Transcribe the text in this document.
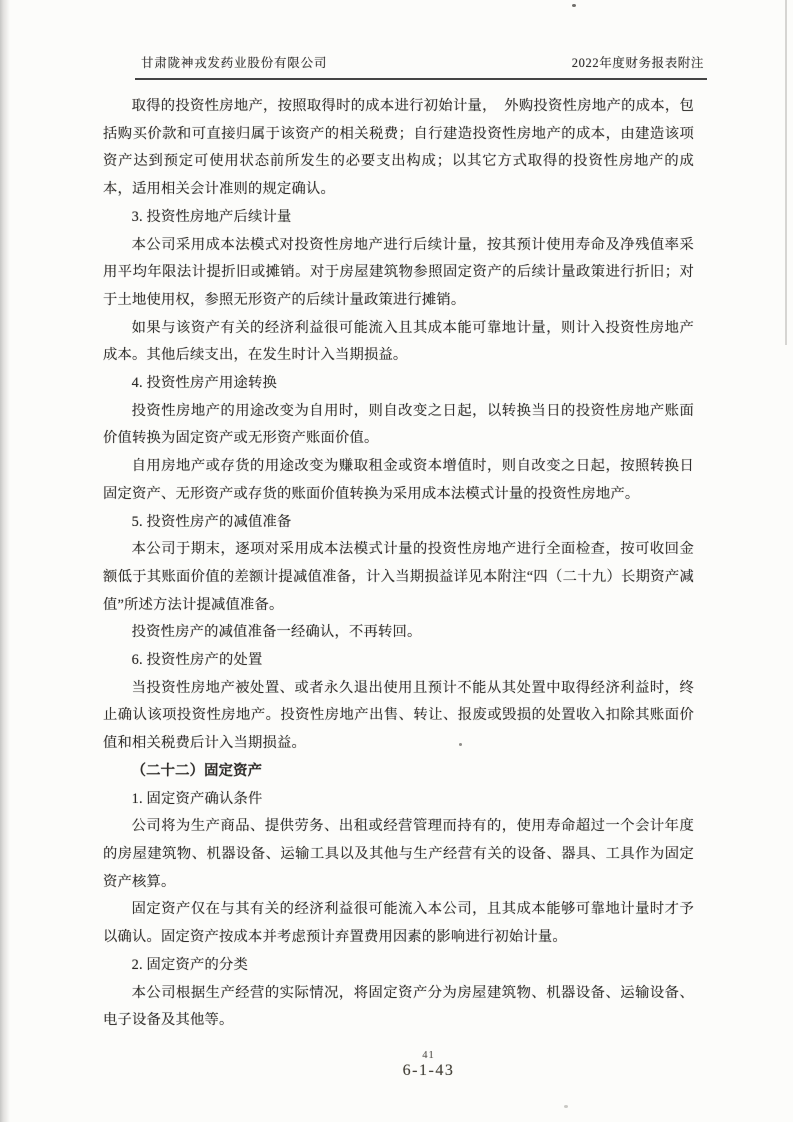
甘肃陇神戎发药业股份有限公司	2022年度财务报表附注

取得的投资性房地产，按照取得时的成本进行初始计量，　外购投资性房地产的成本，包括购买价款和可直接归属于该资产的相关税费；自行建造投资性房地产的成本，由建造该项资产达到预定可使用状态前所发生的必要支出构成；以其它方式取得的投资性房地产的成本，适用相关会计准则的规定确认。

3. 投资性房地产后续计量

本公司采用成本法模式对投资性房地产进行后续计量，按其预计使用寿命及净残值率采用平均年限法计提折旧或摊销。对于房屋建筑物参照固定资产的后续计量政策进行折旧；对于土地使用权，参照无形资产的后续计量政策进行摊销。

如果与该资产有关的经济利益很可能流入且其成本能可靠地计量，则计入投资性房地产成本。其他后续支出，在发生时计入当期损益。

4. 投资性房产用途转换

投资性房地产的用途改变为自用时，则自改变之日起，以转换当日的投资性房地产账面价值转换为固定资产或无形资产账面价值。

自用房地产或存货的用途改变为赚取租金或资本增值时，则自改变之日起，按照转换日固定资产、无形资产或存货的账面价值转换为采用成本法模式计量的投资性房地产。

5. 投资性房产的减值准备

本公司于期末，逐项对采用成本法模式计量的投资性房地产进行全面检查，按可收回金额低于其账面价值的差额计提减值准备，计入当期损益详见本附注“四（二十九）长期资产减值”所述方法计提减值准备。

投资性房产的减值准备一经确认，不再转回。

6. 投资性房产的处置

当投资性房地产被处置、或者永久退出使用且预计不能从其处置中取得经济利益时，终止确认该项投资性房地产。投资性房地产出售、转让、报废或毁损的处置收入扣除其账面价值和相关税费后计入当期损益。

（二十二）固定资产

1. 固定资产确认条件

公司将为生产商品、提供劳务、出租或经营管理而持有的，使用寿命超过一个会计年度的房屋建筑物、机器设备、运输工具以及其他与生产经营有关的设备、器具、工具作为固定资产核算。

固定资产仅在与其有关的经济利益很可能流入本公司，且其成本能够可靠地计量时才予以确认。固定资产按成本并考虑预计弃置费用因素的影响进行初始计量。

2. 固定资产的分类

本公司根据生产经营的实际情况，将固定资产分为房屋建筑物、机器设备、运输设备、电子设备及其他等。

41
6-1-43
